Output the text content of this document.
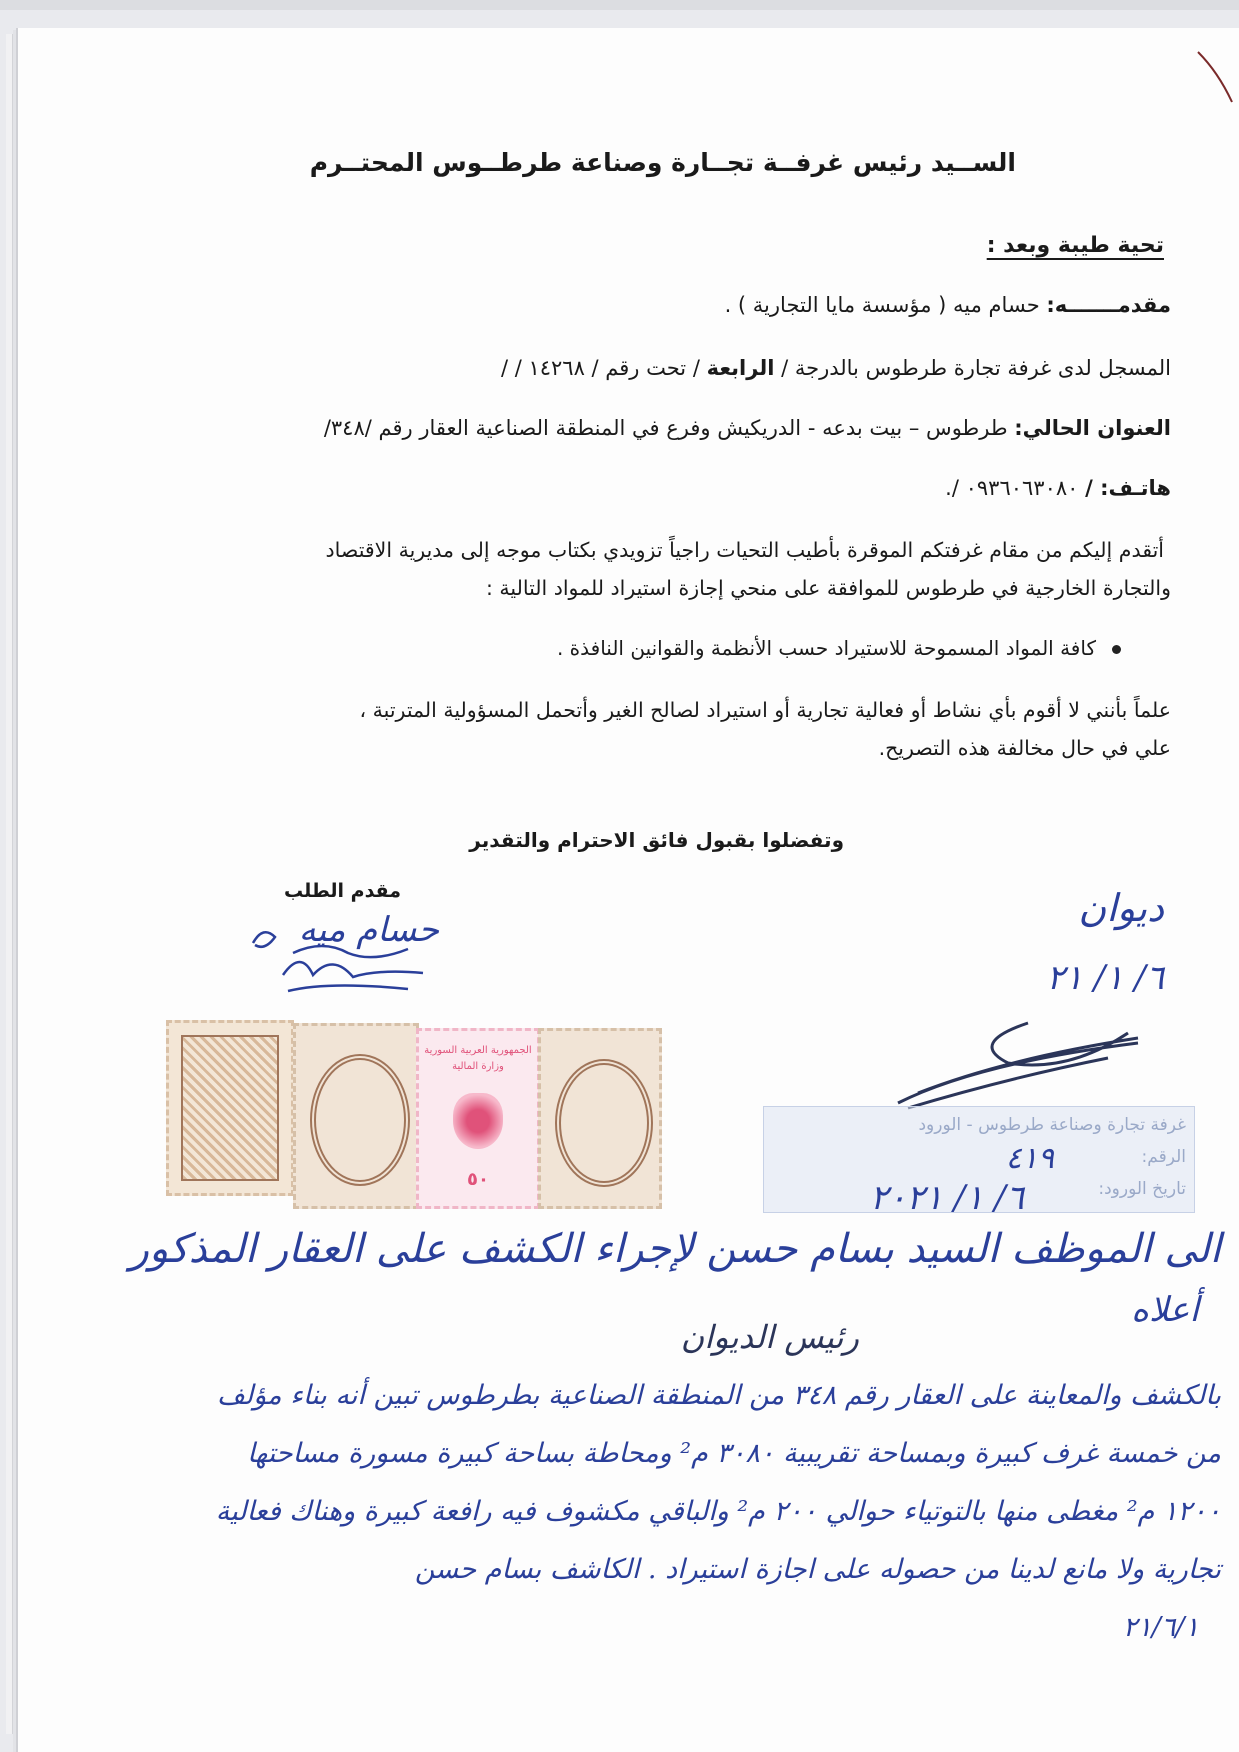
الســيد رئيس غرفــة تجــارة وصناعة طرطــوس المحتــرم
تحية طيبة وبعد :
مقدمـــــــه: حسام ميه ( مؤسسة مايا التجارية ) .
المسجل لدى غرفة تجارة طرطوس بالدرجة / الرابعة / تحت رقم / ١٤٢٦٨ / /
العنوان الحالي: طرطوس – بيت بدعه - الدريكيش وفرع في المنطقة الصناعية العقار رقم /٣٤٨/
هاتـف: / ٠٩٣٦٠٦٣٠٨٠ /.
أتقدم إليكم من مقام غرفتكم الموقرة بأطيب التحيات راجياً تزويدي بكتاب موجه إلى مديرية الاقتصاد
والتجارة الخارجية في طرطوس للموافقة على منحي إجازة استيراد للمواد التالية :
كافة المواد المسموحة للاستيراد حسب الأنظمة والقوانين النافذة .
علماً بأنني لا أقوم بأي نشاط أو فعالية تجارية أو استيراد لصالح الغير وأتحمل المسؤولية المترتبة ،
علي في حال مخالفة هذه التصريح.
وتفضلوا بقبول فائق الاحترام والتقدير
مقدم الطلب
حسام ميه	ديوان
٦/ ١/ ٢١
الجمهورية العربية السورية
وزارة المالية
٥٠
غرفة تجارة وصناعة طرطوس - الورود
الرقم:
تاريخ الورود:
٤١٩
٦/ ١/ ٢٠٢١
الى الموظف السيد بسام حسن لإجراء الكشف على العقار المذكور
أعلاه
رئيس الديوان
بالكشف والمعاينة على العقار رقم ٣٤٨ من المنطقة الصناعية بطرطوس تبين أنه بناء مؤلف
من خمسة غرف كبيرة وبمساحة تقريبية ٣٠٨٠ م² ومحاطة بساحة كبيرة مسورة مساحتها
١٢٠٠ م² مغطى منها بالتوتياء حوالي ٢٠٠ م² والباقي مكشوف فيه رافعة كبيرة وهناك فعالية
تجارية ولا مانع لدينا من حصوله على اجازة استيراد . الكاشف بسام حسن
٢١/٦/١
